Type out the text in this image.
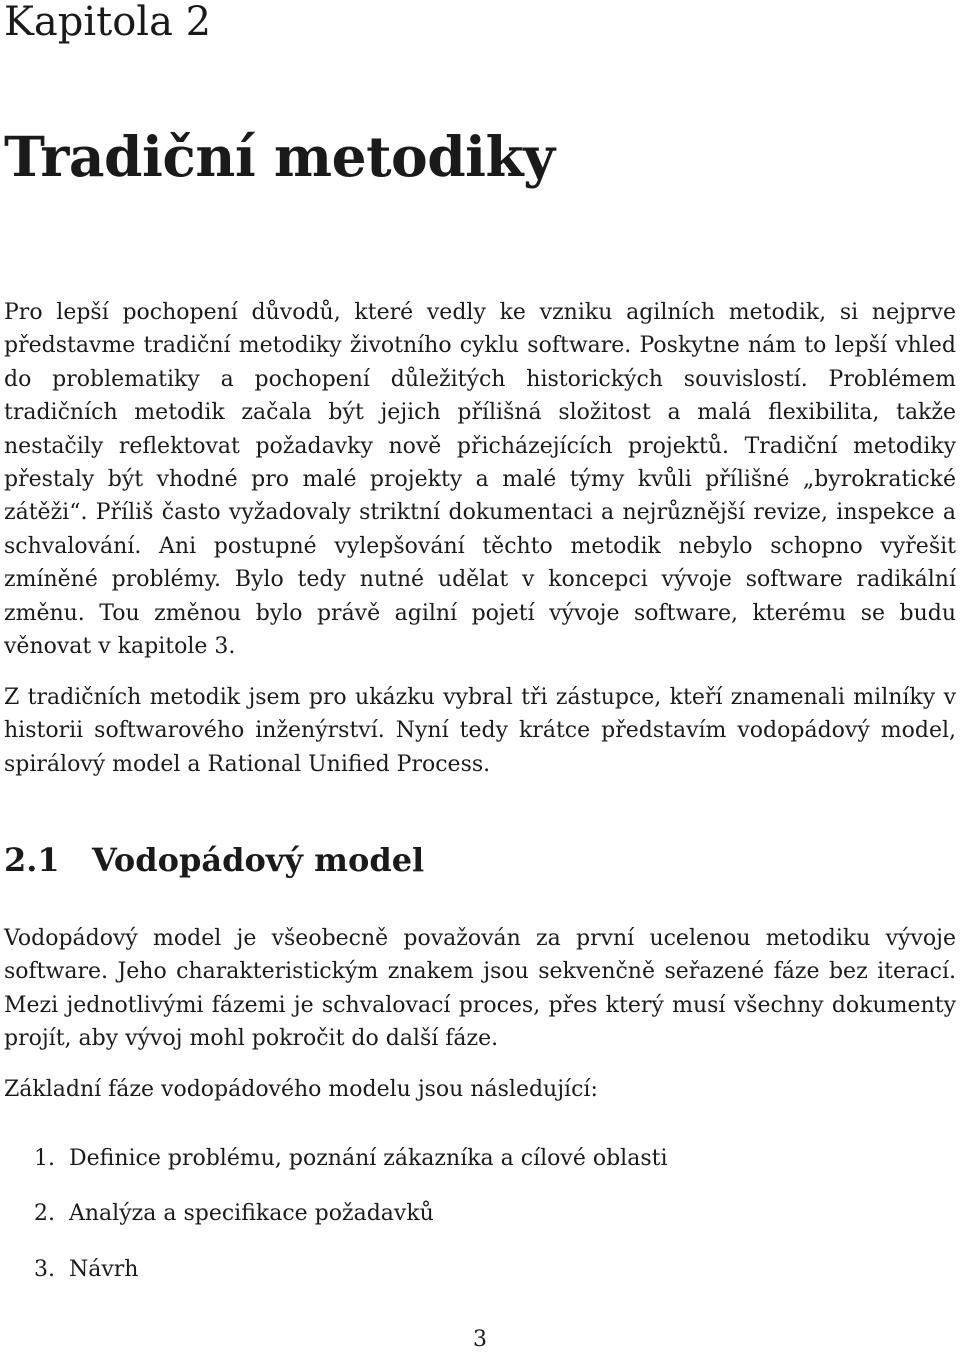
Kapitola 2
Tradiční metodiky

Pro lepší pochopení důvodů, které vedly ke vzniku agilních metodik, si nejprve představme tradiční metodiky životního cyklu software. Poskytne nám to lepší vhled do problematiky a pochopení důležitých historických souvislostí. Problémem tradičních metodik začala být jejich přílišná složitost a malá flexibilita, takže nestačily reflektovat požadavky nově přicházejících projektů. Tradiční metodiky přestaly být vhodné pro malé projekty a malé týmy kvůli přílišné „byrokratické zátěži“. Příliš často vyžadovaly striktní dokumentaci a nejrůznější revize, inspekce a schvalování. Ani postupné vylepšování těchto metodik nebylo schopno vyřešit zmíněné problémy. Bylo tedy nutné udělat v koncepci vývoje software radikální změnu. Tou změnou bylo právě agilní pojetí vývoje software, kterému se budu věnovat v kapitole 3.

Z tradičních metodik jsem pro ukázku vybral tři zástupce, kteří znamenali milníky v historii softwarového inženýrství. Nyní tedy krátce představím vodopádový model, spirálový model a Rational Unified Process.

2.1 Vodopádový model

Vodopádový model je všeobecně považován za první ucelenou metodiku vývoje software. Jeho charakteristickým znakem jsou sekvenčně seřazené fáze bez iterací. Mezi jednotlivými fázemi je schvalovací proces, přes který musí všechny dokumenty projít, aby vývoj mohl pokročit do další fáze.

Základní fáze vodopádového modelu jsou následující:

1. Definice problému, poznání zákazníka a cílové oblasti
2. Analýza a specifikace požadavků
3. Návrh
3
